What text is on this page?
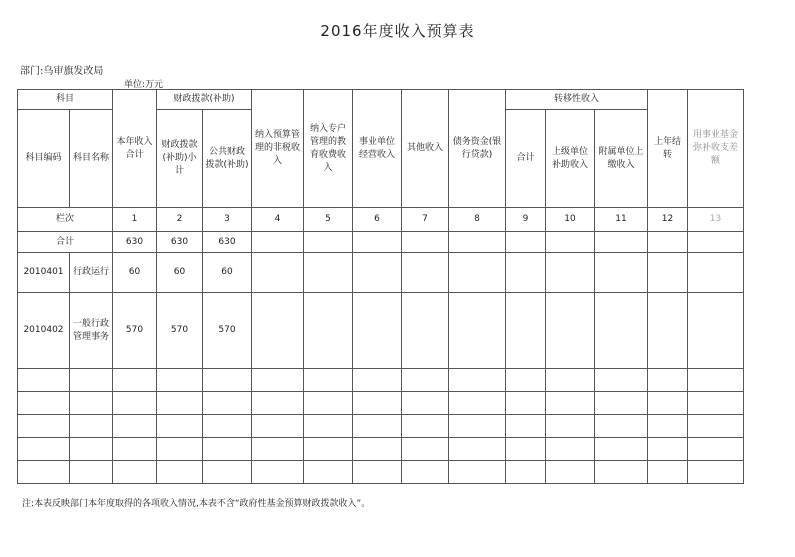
2016年度收入预算表
部门:乌审旗发改局
单位:万元
科目		本年收入合计	财政拨款(补助)		纳入预算管理的非税收入	纳入专户管理的教育收费收入	事业单位经营收入	其他收入	债务资金(银行贷款)	转移性收入			上年结转	用事业基金弥补收支差额
科目编码	科目名称		财政拨款(补助)小计	公共财政拨款(补助)						合计	上级单位补助收入	附属单位上缴收入		
栏次		1	2	3	4	5	6	7	8	9	10	11	12	13
合计		630	630	630										
2010401	行政运行	60	60	60										
2010402	一般行政管理事务	570	570	570										

注:本表反映部门本年度取得的各项收入情况,本表不含“政府性基金预算财政拨款收入”。
